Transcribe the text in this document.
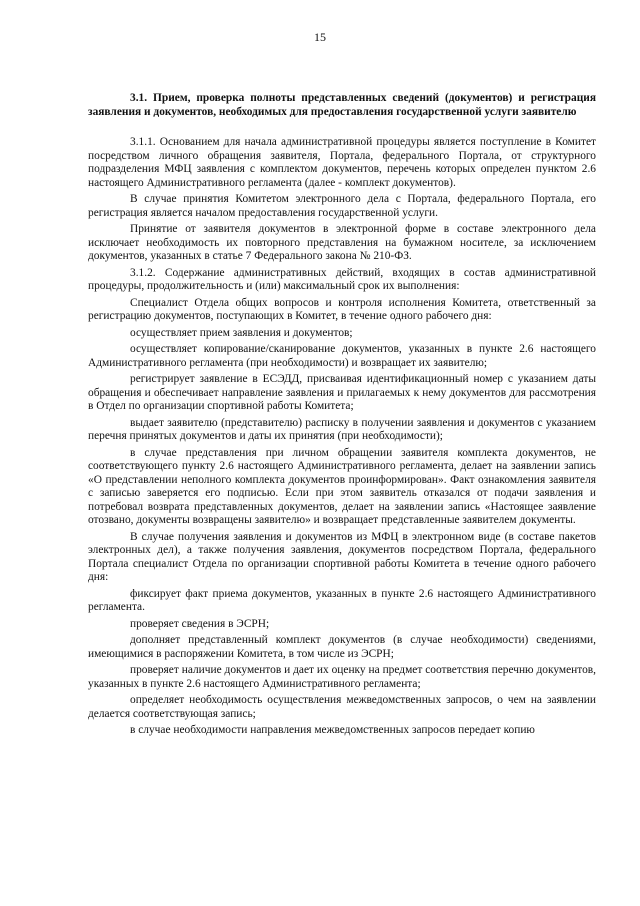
15
3.1. Прием, проверка полноты представленных сведений (документов) и регистрация заявления и документов, необходимых для предоставления государственной услуги заявителю

3.1.1. Основанием для начала административной процедуры является поступление в Комитет посредством личного обращения заявителя, Портала, федерального Портала, от структурного подразделения МФЦ заявления с комплектом документов, перечень которых определен пунктом 2.6 настоящего Административного регламента (далее - комплект документов).

В случае принятия Комитетом электронного дела с Портала, федерального Портала, его регистрация является началом предоставления государственной услуги.

Принятие от заявителя документов в электронной форме в составе электронного дела исключает необходимость их повторного представления на бумажном носителе, за исключением документов, указанных в статье 7 Федерального закона № 210-ФЗ.

3.1.2. Содержание административных действий, входящих в состав административной процедуры, продолжительность и (или) максимальный срок их выполнения:

Специалист Отдела общих вопросов и контроля исполнения Комитета, ответственный за регистрацию документов, поступающих в Комитет, в течение одного рабочего дня:

осуществляет прием заявления и документов;

осуществляет копирование/сканирование документов, указанных в пункте 2.6 настоящего Административного регламента (при необходимости) и возвращает их заявителю;

регистрирует заявление в ЕСЭДД, присваивая идентификационный номер с указанием даты обращения и обеспечивает направление заявления и прилагаемых к нему документов для рассмотрения в Отдел по организации спортивной работы Комитета;

выдает заявителю (представителю) расписку в получении заявления и документов с указанием перечня принятых документов и даты их принятия (при необходимости);

в случае представления при личном обращении заявителя комплекта документов, не соответствующего пункту 2.6 настоящего Административного регламента, делает на заявлении запись «О представлении неполного комплекта документов проинформирован». Факт ознакомления заявителя с записью заверяется его подписью. Если при этом заявитель отказался от подачи заявления и потребовал возврата представленных документов, делает на заявлении запись «Настоящее заявление отозвано, документы возвращены заявителю» и возвращает представленные заявителем документы.

В случае получения заявления и документов из МФЦ в электронном виде (в составе пакетов электронных дел), а также получения заявления, документов посредством Портала, федерального Портала специалист Отдела по организации спортивной работы Комитета в течение одного рабочего дня:

фиксирует факт приема документов, указанных в пункте 2.6 настоящего Административного регламента.

проверяет сведения в ЭСРН;

дополняет представленный комплект документов (в случае необходимости) сведениями, имеющимися в распоряжении Комитета, в том числе из ЭСРН;

проверяет наличие документов и дает их оценку на предмет соответствия перечню документов, указанных в пункте 2.6 настоящего Административного регламента;

определяет необходимость осуществления межведомственных запросов, о чем на заявлении делается соответствующая запись;

в случае необходимости направления межведомственных запросов передает копию
